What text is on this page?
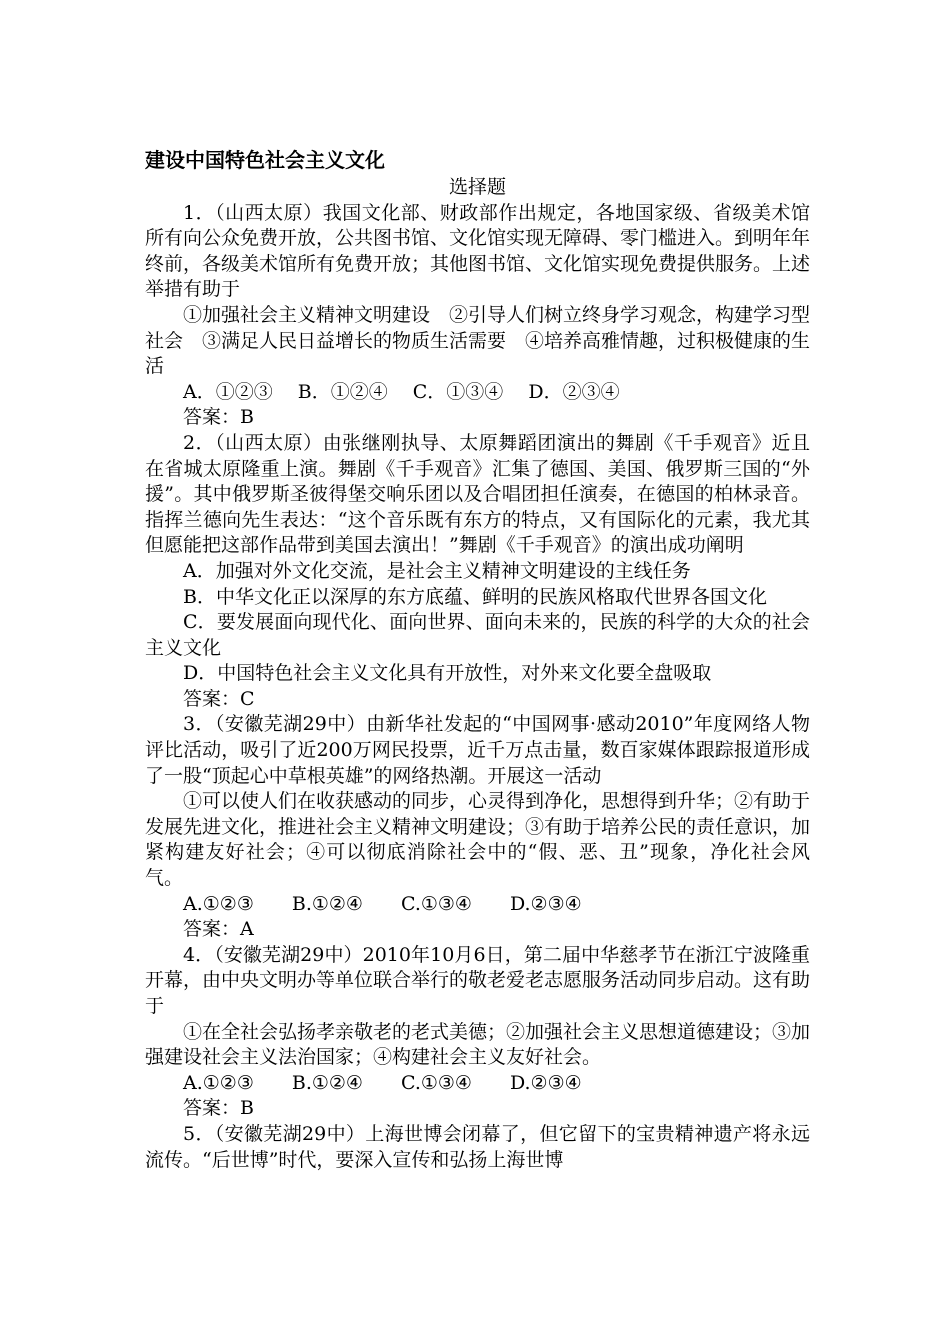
建设中国特色社会主义文化
选择题

1．（山西太原）我国文化部、财政部作出规定，各地国家级、省级美术馆所有向公众免费开放，公共图书馆、文化馆实现无障碍、零门槛进入。到明年年终前，各级美术馆所有免费开放；其他图书馆、文化馆实现免费提供服务。上述举措有助于

①加强社会主义精神文明建设　②引导人们树立终身学习观念，构建学习型社会　③满足人民日益增长的物质生活需要　④培养高雅情趣，过积极健康的生活

A．①②③　 B．①②④　 C．①③④　 D．②③④

答案：B

2．（山西太原）由张继刚执导、太原舞蹈团演出的舞剧《千手观音》近且在省城太原隆重上演。舞剧《千手观音》汇集了德国、美国、俄罗斯三国的“外援”。其中俄罗斯圣彼得堡交响乐团以及合唱团担任演奏，在德国的柏林录音。指挥兰德向先生表达：“这个音乐既有东方的特点，又有国际化的元素，我尤其但愿能把这部作品带到美国去演出！”舞剧《千手观音》的演出成功阐明

A．加强对外文化交流，是社会主义精神文明建设的主线任务

B．中华文化正以深厚的东方底蕴、鲜明的民族风格取代世界各国文化

C．要发展面向现代化、面向世界、面向未来的，民族的科学的大众的社会主义文化

D．中国特色社会主义文化具有开放性，对外来文化要全盘吸取

答案：C

3．（安徽芜湖29中）由新华社发起的“中国网事·感动2010”年度网络人物评比活动，吸引了近200万网民投票，近千万点击量，数百家媒体跟踪报道形成了一股“顶起心中草根英雄”的网络热潮。开展这一活动

①可以使人们在收获感动的同步，心灵得到净化，思想得到升华；②有助于发展先进文化，推进社会主义精神文明建设；③有助于培养公民的责任意识，加紧构建友好社会；④可以彻底消除社会中的“假、恶、丑”现象，净化社会风气。

A.①②③　　B.①②④　　C.①③④　　D.②③④

答案：A

4．（安徽芜湖29中）2010年10月6日，第二届中华慈孝节在浙江宁波隆重开幕，由中央文明办等单位联合举行的敬老爱老志愿服务活动同步启动。这有助于

①在全社会弘扬孝亲敬老的老式美德；②加强社会主义思想道德建设；③加强建设社会主义法治国家；④构建社会主义友好社会。

A.①②③　　B.①②④　　C.①③④　　D.②③④

答案：B

5．（安徽芜湖29中）上海世博会闭幕了，但它留下的宝贵精神遗产将永远流传。“后世博”时代，要深入宣传和弘扬上海世博
